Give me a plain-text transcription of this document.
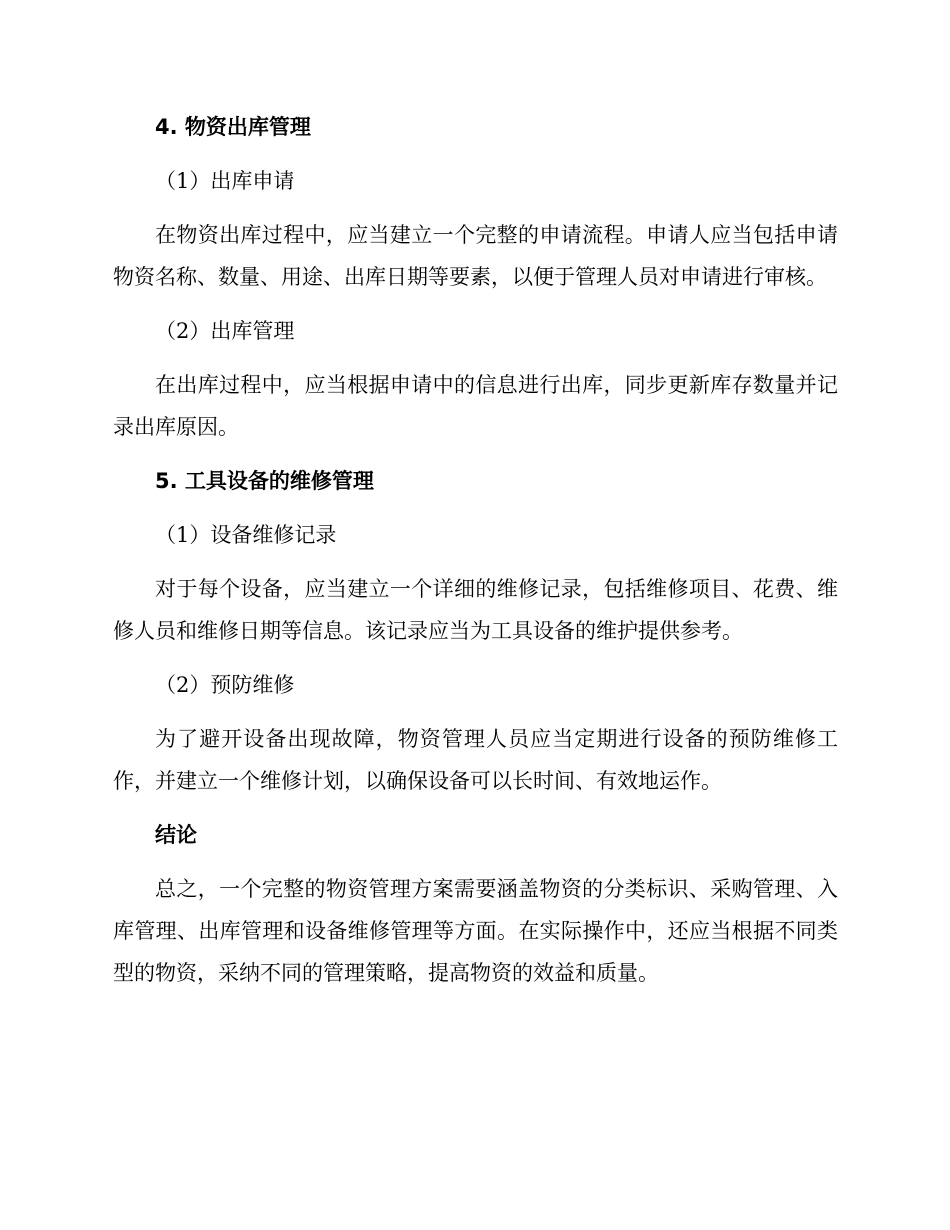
4. 物资出库管理
（1）出库申请

在物资出库过程中，应当建立一个完整的申请流程。申请人应当包括申请物资名称、数量、用途、出库日期等要素，以便于管理人员对申请进行审核。

（2）出库管理

在出库过程中，应当根据申请中的信息进行出库，同步更新库存数量并记录出库原因。

5. 工具设备的维修管理
（1）设备维修记录

对于每个设备，应当建立一个详细的维修记录，包括维修项目、花费、维修人员和维修日期等信息。该记录应当为工具设备的维护提供参考。

（2）预防维修

为了避开设备出现故障，物资管理人员应当定期进行设备的预防维修工作，并建立一个维修计划，以确保设备可以长时间、有效地运作。

结论

总之，一个完整的物资管理方案需要涵盖物资的分类标识、采购管理、入库管理、出库管理和设备维修管理等方面。在实际操作中，还应当根据不同类型的物资，采纳不同的管理策略，提高物资的效益和质量。
